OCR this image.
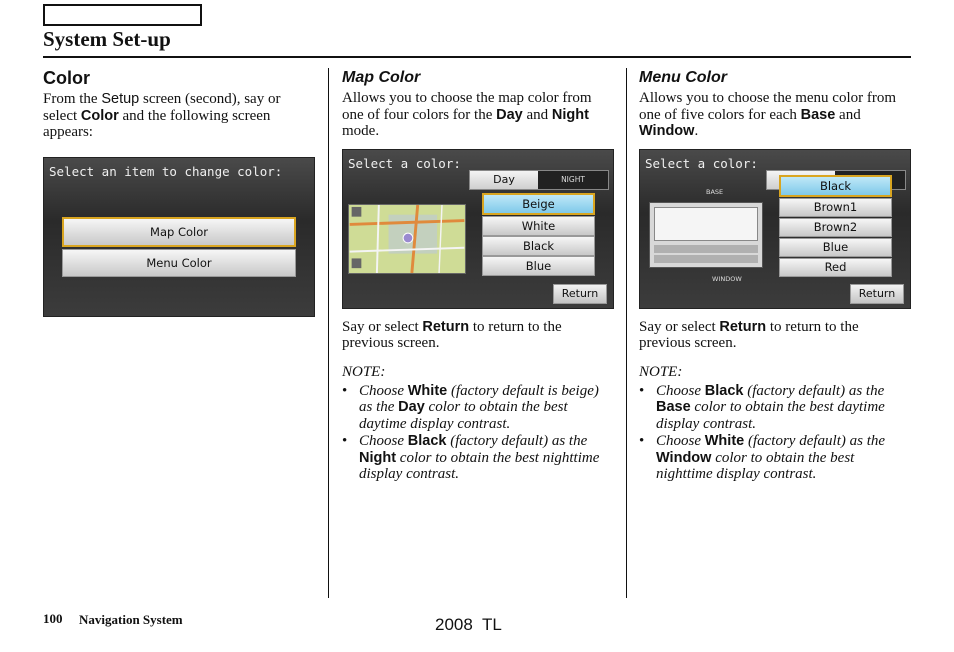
System Set-up
Color

From the Setup screen (second), say or select Color and the following screen appears:

Select an item to change color:
Map Color
Menu Color
Map Color

Allows you to choose the map color from one of four colors for the Day and Night mode.

Select a color:
Day	NIGHT
Beige
White
Black
Blue
Return

Say or select Return to return to the previous screen.

NOTE:
• Choose White (factory default is beige) as the Day color to obtain the best daytime display contrast.
• Choose Black (factory default) as the Night color to obtain the best nighttime display contrast.
Menu Color

Allows you to choose the menu color from one of five colors for each Base and Window.

Select a color:
BASE
WINDOW
Black
Brown1
Brown2
Blue
Red
Return

Say or select Return to return to the previous screen.

NOTE:
• Choose Black (factory default) as the Base color to obtain the best daytime display contrast.
• Choose White (factory default) as the Window color to obtain the best nighttime display contrast.
100 Navigation System	2008  TL
